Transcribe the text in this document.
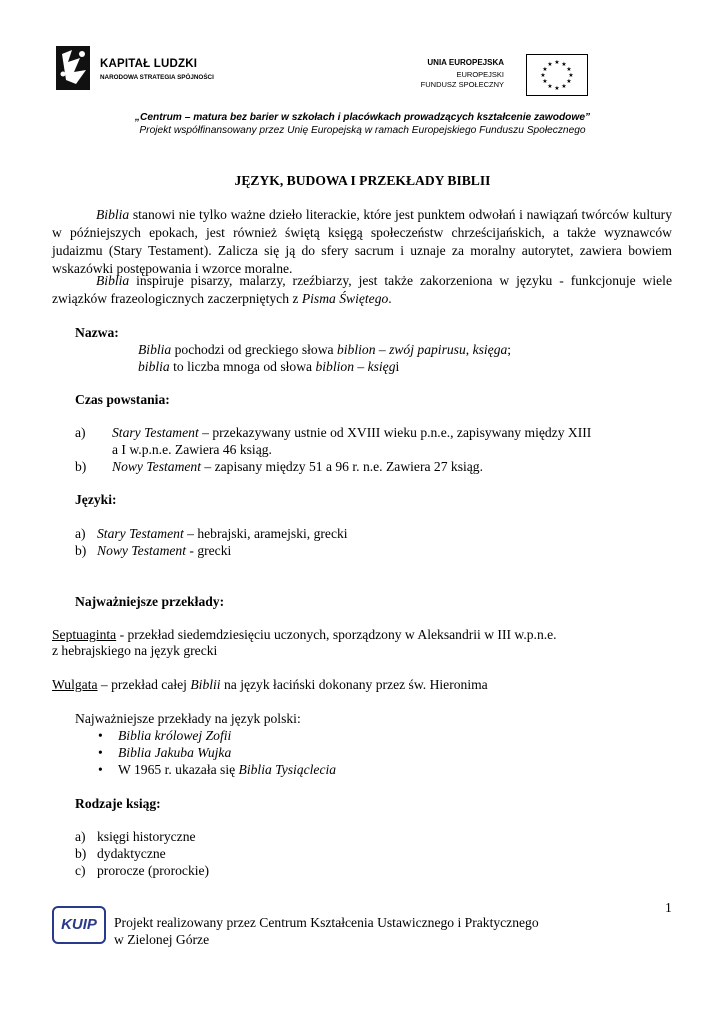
KAPITAŁ LUDZKI
NARODOWA STRATEGIA SPÓJNOŚCI
UNIA EUROPEJSKA
EUROPEJSKI
FUNDUSZ SPOŁECZNY
★ ★
★
★
★
★
★
★
★
★
★
★
„Centrum – matura bez barier w szkołach i placówkach prowadzących kształcenie zawodowe”
Projekt współfinansowany przez Unię Europejską w ramach Europejskiego Funduszu Społecznego
JĘZYK, BUDOWA I PRZEKŁADY BIBLII
Biblia stanowi nie tylko ważne dzieło literackie, które jest punktem odwołań i nawiązań twórców kultury w późniejszych epokach, jest również świętą księgą społeczeństw chrześcijańskich, a także wyznawców judaizmu (Stary Testament). Zalicza się ją do sfery sacrum i uznaje za moralny autorytet, zawiera bowiem wskazówki postępowania i wzorce moralne.
Biblia inspiruje pisarzy, malarzy, rzeźbiarzy, jest także zakorzeniona w języku - funkcjonuje wiele związków frazeologicznych zaczerpniętych z Pisma Świętego.
Nazwa:
Biblia pochodzi od greckiego słowa biblion – zwój papirusu, księga;
biblia to liczba mnoga od słowa biblion – księgi
Czas powstania:
a) Stary Testament – przekazywany ustnie od XVIII wieku p.n.e., zapisywany między XIII
a I w.p.n.e. Zawiera 46 ksiąg.
b) Nowy Testament – zapisany między 51 a 96 r. n.e. Zawiera 27 ksiąg.
Języki:
a) Stary Testament – hebrajski, aramejski, grecki
b) Nowy Testament - grecki
Najważniejsze przekłady:
Septuaginta - przekład siedemdziesięciu uczonych, sporządzony w Aleksandrii w III w.p.n.e.
z hebrajskiego na język grecki
Wulgata – przekład całej Biblii na język łaciński dokonany przez św. Hieronima
Najważniejsze przekłady na język polski:
• Biblia królowej Zofii
• Biblia Jakuba Wujka
• W 1965 r. ukazała się Biblia Tysiąclecia
Rodzaje ksiąg:
a) księgi historyczne
b) dydaktyczne
c) prorocze (prorockie)
1
KUIP	Projekt realizowany przez Centrum Kształcenia Ustawicznego i Praktycznego
w Zielonej Górze
